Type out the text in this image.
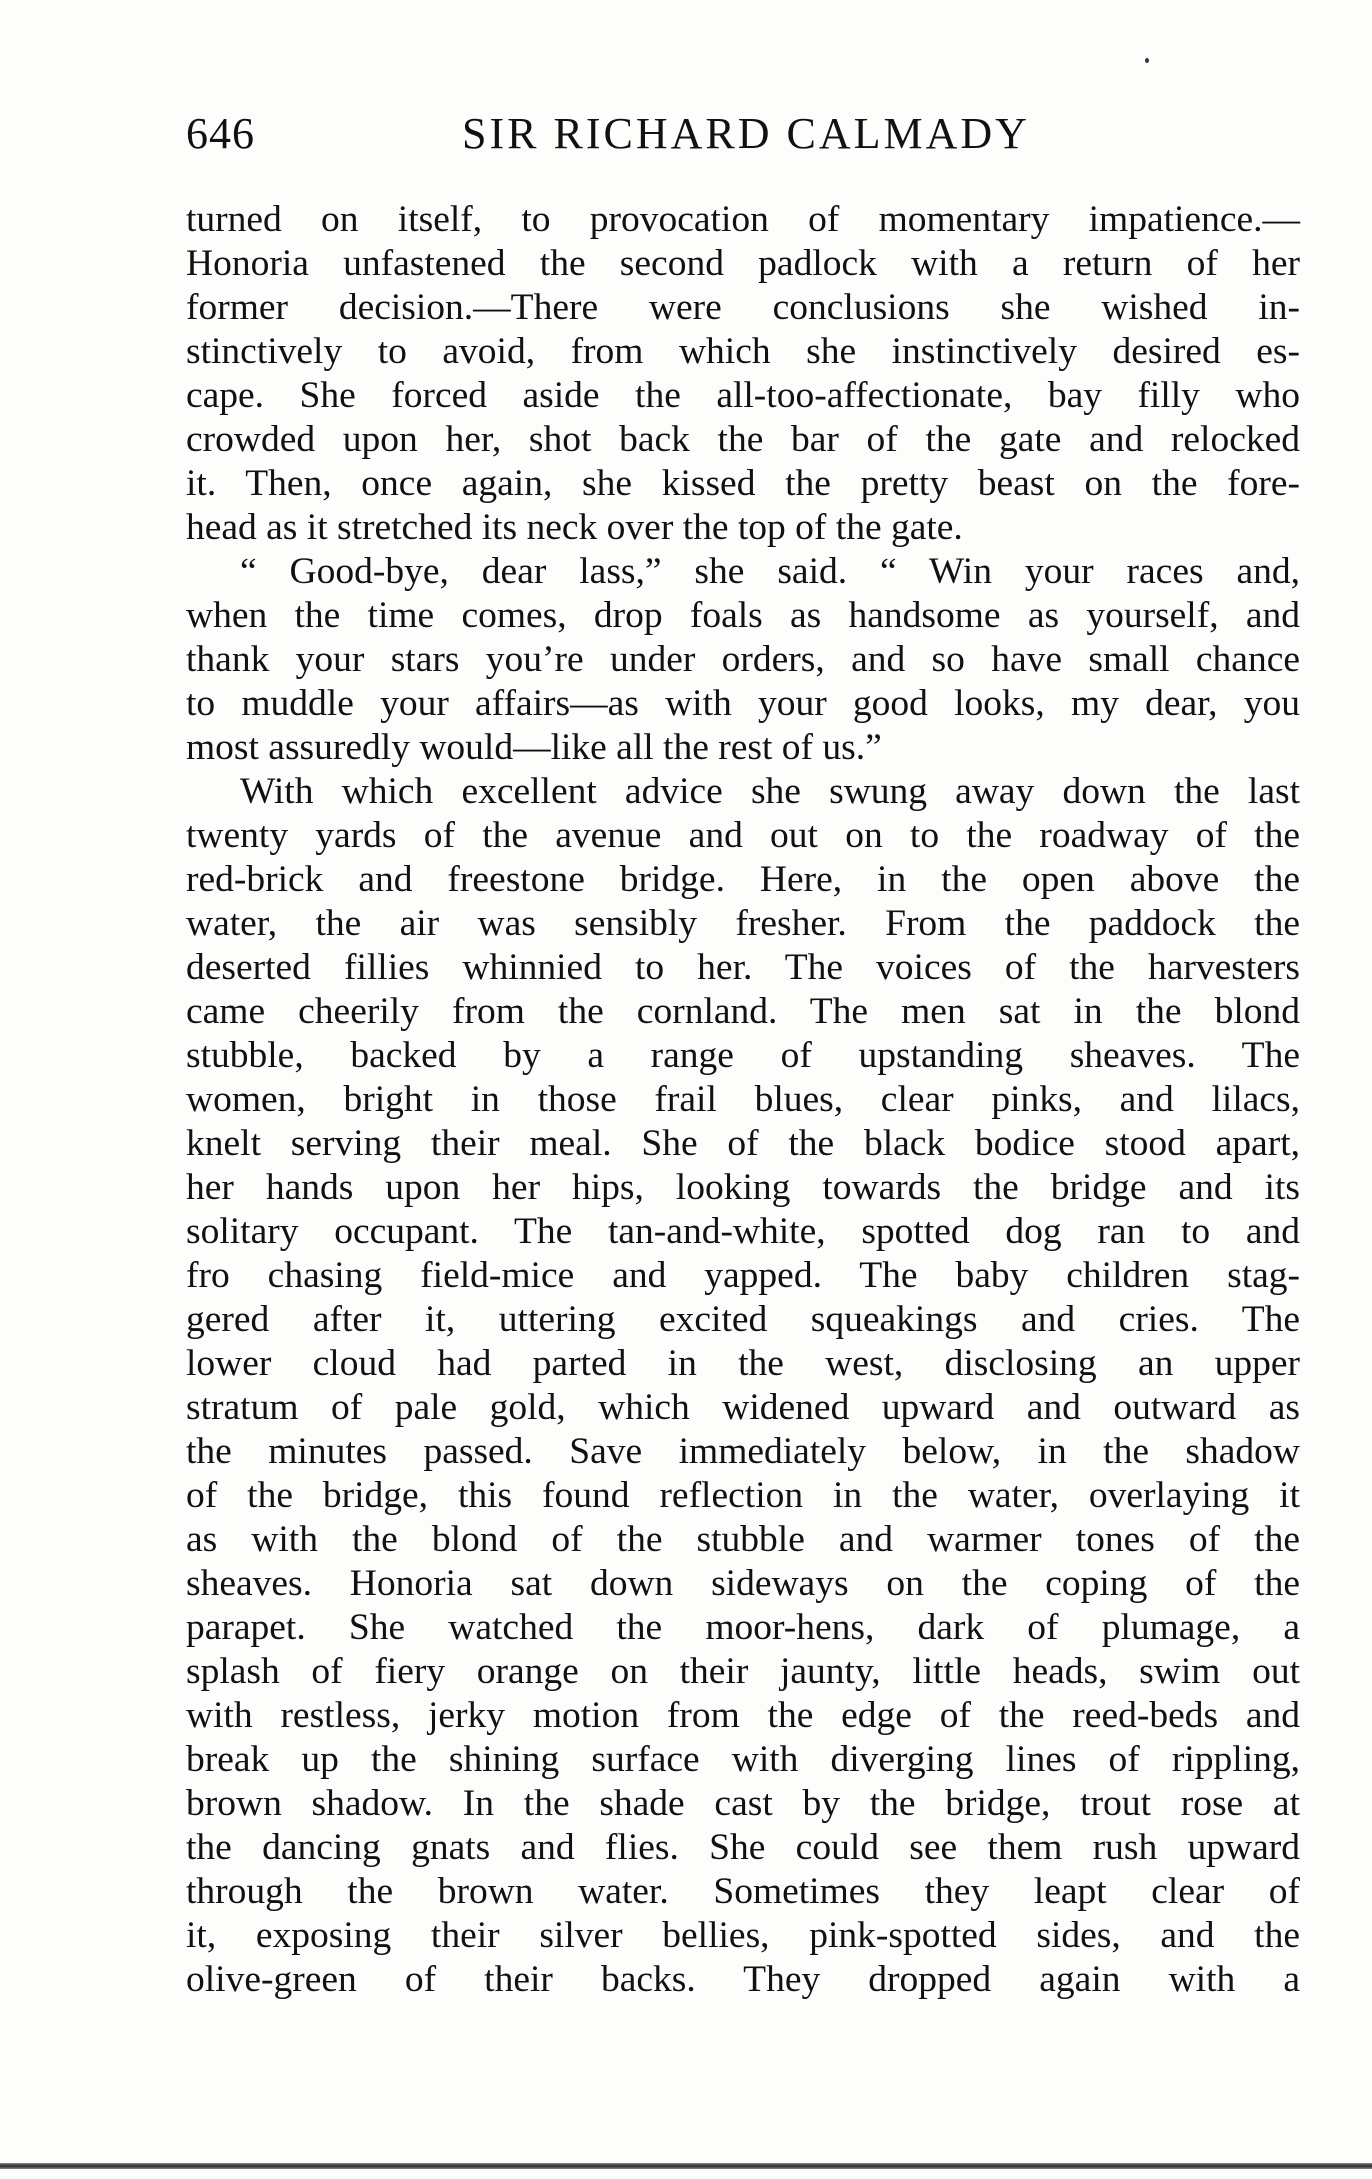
646	SIR RICHARD CALMADY
turned on itself, to provocation of momentary impatience.—
Honoria unfastened the second padlock with a return of her
former decision.—There were conclusions she wished in-
stinctively to avoid, from which she instinctively desired es-
cape. She forced aside the all-too-affectionate, bay filly who
crowded upon her, shot back the bar of the gate and relocked
it. Then, once again, she kissed the pretty beast on the fore-
head as it stretched its neck over the top of the gate.
“ Good-bye, dear lass,” she said. “ Win your races and,
when the time comes, drop foals as handsome as yourself, and
thank your stars you’re under orders, and so have small chance
to muddle your affairs—as with your good looks, my dear, you
most assuredly would—like all the rest of us.”
With which excellent advice she swung away down the last
twenty yards of the avenue and out on to the roadway of the
red-brick and freestone bridge. Here, in the open above the
water, the air was sensibly fresher. From the paddock the
deserted fillies whinnied to her. The voices of the harvesters
came cheerily from the cornland. The men sat in the blond
stubble, backed by a range of upstanding sheaves. The
women, bright in those frail blues, clear pinks, and lilacs,
knelt serving their meal. She of the black bodice stood apart,
her hands upon her hips, looking towards the bridge and its
solitary occupant. The tan-and-white, spotted dog ran to and
fro chasing field-mice and yapped. The baby children stag-
gered after it, uttering excited squeakings and cries. The
lower cloud had parted in the west, disclosing an upper
stratum of pale gold, which widened upward and outward as
the minutes passed. Save immediately below, in the shadow
of the bridge, this found reflection in the water, overlaying it
as with the blond of the stubble and warmer tones of the
sheaves. Honoria sat down sideways on the coping of the
parapet. She watched the moor-hens, dark of plumage, a
splash of fiery orange on their jaunty, little heads, swim out
with restless, jerky motion from the edge of the reed-beds and
break up the shining surface with diverging lines of rippling,
brown shadow. In the shade cast by the bridge, trout rose at
the dancing gnats and flies. She could see them rush upward
through the brown water. Sometimes they leapt clear of
it, exposing their silver bellies, pink-spotted sides, and the
olive-green of their backs. They dropped again with a
